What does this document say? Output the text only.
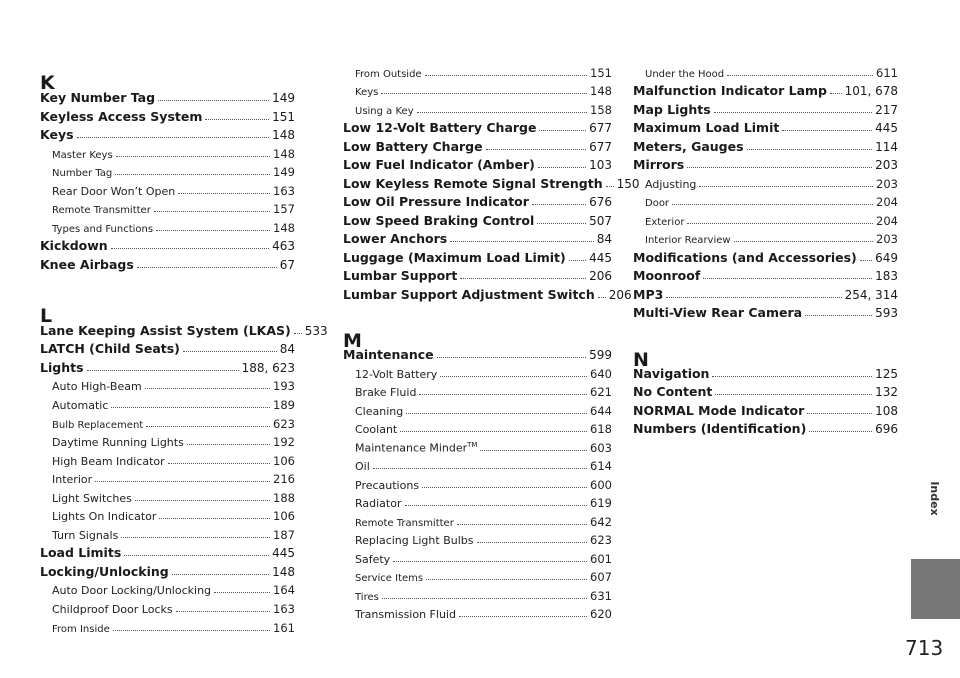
K
L
Key Number Tag	149
Keyless Access System	151
Keys	148
Master Keys	148
Number Tag	149
Rear Door Won’t Open	163
Remote Transmitter	157
Types and Functions	148
Kickdown	463
Knee Airbags	67
Lane Keeping Assist System (LKAS) 533
LATCH (Child Seats)	84
Lights	188, 623
Auto High-Beam	193
Automatic	189
Bulb Replacement	623
Daytime Running Lights	192
High Beam Indicator	106
Interior	216
Light Switches	188
Lights On Indicator	106
Turn Signals	187
Load Limits	445
Locking/Unlocking	148
Auto Door Locking/Unlocking	164
Childproof Door Locks	163
From Inside	161
M
From Outside	151
Keys	148
Using a Key	158
Low 12-Volt Battery Charge	677
Low Battery Charge	677
Low Fuel Indicator (Amber)	103
Low Keyless Remote Signal Strength 150
Low Oil Pressure Indicator	676
Low Speed Braking Control	507
Lower Anchors	84
Luggage (Maximum Load Limit) 445
Lumbar Support	206
Lumbar Support Adjustment Switch 206
Maintenance	599
12-Volt Battery	640
Brake Fluid	621
Cleaning	644
Coolant	618
Maintenance Minder™	603
Oil	614
Precautions	600
Radiator	619
Remote Transmitter	642
Replacing Light Bulbs	623
Safety	601
Service Items	607
Tires	631
Transmission Fluid	620
N
Under the Hood	611
Malfunction Indicator Lamp 101, 678
Map Lights	217
Maximum Load Limit	445
Meters, Gauges	114
Mirrors	203
Adjusting	203
Door	204
Exterior	204
Interior Rearview	203
Modifications (and Accessories) 649
Moonroof	183
MP3	254, 314
Multi-View Rear Camera	593
Navigation	125
No Content	132
NORMAL Mode Indicator	108
Numbers (Identification)	696
Index
713
